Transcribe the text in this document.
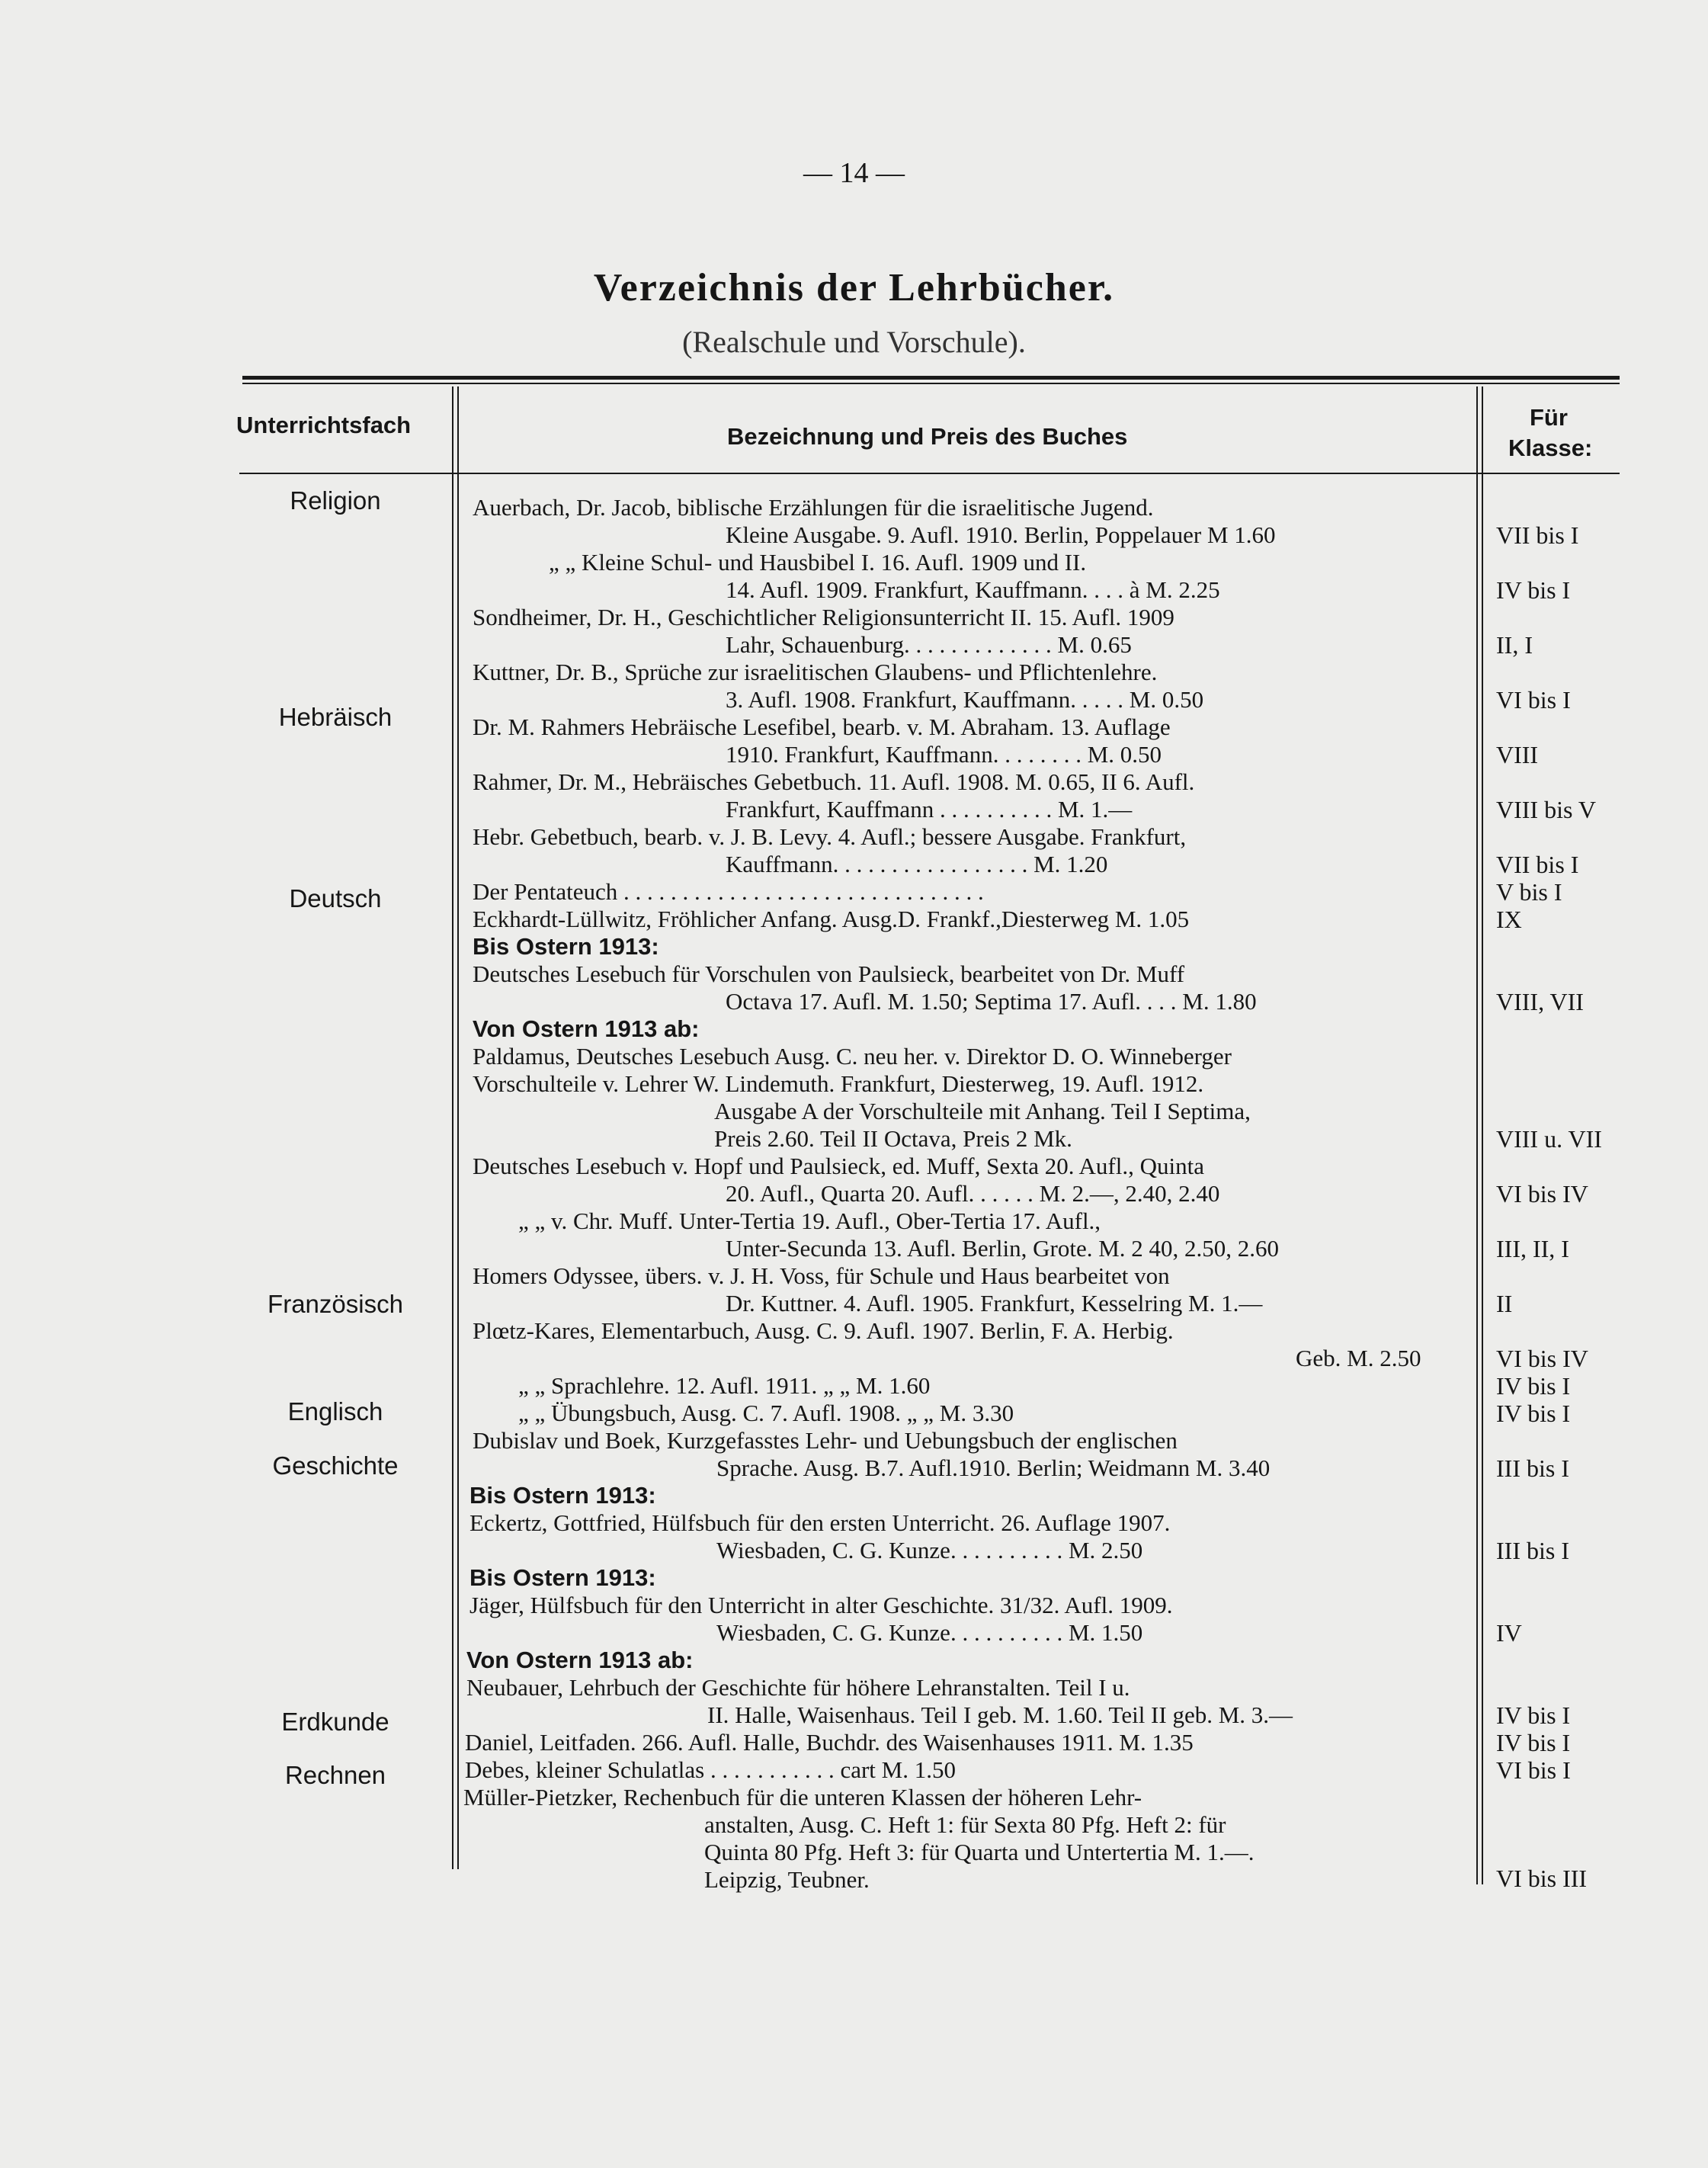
— 14 —
Verzeichnis der Lehrbücher.
(Realschule und Vorschule).
Unterrichtsfach	Bezeichnung und Preis des Buches
Für
Klasse:
Religion
Hebräisch
Deutsch
Französisch
Englisch
Geschichte
Erdkunde
Rechnen
Auerbach, Dr. Jacob, biblische Erzählungen für die israelitische Jugend.
Kleine Ausgabe. 9. Aufl. 1910. Berlin, Poppelauer M 1.60
„ „ Kleine Schul- und Hausbibel I. 16. Aufl. 1909 und II.
14. Aufl. 1909. Frankfurt, Kauffmann. . . . à M. 2.25
Sondheimer, Dr. H., Geschichtlicher Religionsunterricht II. 15. Aufl. 1909
Lahr, Schauenburg. . . . . . . . . . . . . M. 0.65
Kuttner, Dr. B., Sprüche zur israelitischen Glaubens- und Pflichtenlehre.
3. Aufl. 1908. Frankfurt, Kauffmann. . . . . M. 0.50
Dr. M. Rahmers Hebräische Lesefibel, bearb. v. M. Abraham. 13. Auflage
1910. Frankfurt, Kauffmann. . . . . . . . M. 0.50
Rahmer, Dr. M., Hebräisches Gebetbuch. 11. Aufl. 1908. M. 0.65, II 6. Aufl.
Frankfurt, Kauffmann . . . . . . . . . . M. 1.—
Hebr. Gebetbuch, bearb. v. J. B. Levy. 4. Aufl.; bessere Ausgabe. Frankfurt,
Kauffmann. . . . . . . . . . . . . . . . . M. 1.20
Der Pentateuch . . . . . . . . . . . . . . . . . . . . . . . . . . . . . . .
Eckhardt-Lüllwitz, Fröhlicher Anfang. Ausg.D. Frankf.,Diesterweg M. 1.05
Bis Ostern 1913:
Deutsches Lesebuch für Vorschulen von Paulsieck, bearbeitet von Dr. Muff
Octava 17. Aufl. M. 1.50; Septima 17. Aufl. . . . M. 1.80
Von Ostern 1913 ab:
Paldamus, Deutsches Lesebuch Ausg. C. neu her. v. Direktor D. O. Winneberger
Vorschulteile v. Lehrer W. Lindemuth. Frankfurt, Diesterweg, 19. Aufl. 1912.
Ausgabe A der Vorschulteile mit Anhang. Teil I Septima,
Preis 2.60. Teil II Octava, Preis 2 Mk.
Deutsches Lesebuch v. Hopf und Paulsieck, ed. Muff, Sexta 20. Aufl., Quinta
20. Aufl., Quarta 20. Aufl. . . . . . M. 2.—, 2.40, 2.40
„ „ v. Chr. Muff. Unter-Tertia 19. Aufl., Ober-Tertia 17. Aufl.,
Unter-Secunda 13. Aufl. Berlin, Grote. M. 2 40, 2.50, 2.60
Homers Odyssee, übers. v. J. H. Voss, für Schule und Haus bearbeitet von
Dr. Kuttner. 4. Aufl. 1905. Frankfurt, Kesselring M. 1.—
Plœtz-Kares, Elementarbuch, Ausg. C. 9. Aufl. 1907. Berlin, F. A. Herbig.
Geb. M. 2.50
„ „ Sprachlehre. 12. Aufl. 1911. „ „ M. 1.60
„ „ Übungsbuch, Ausg. C. 7. Aufl. 1908. „ „ M. 3.30
Dubislav und Boek, Kurzgefasstes Lehr- und Uebungsbuch der englischen
Sprache. Ausg. B.7. Aufl.1910. Berlin; Weidmann M. 3.40
Bis Ostern 1913:
Eckertz, Gottfried, Hülfsbuch für den ersten Unterricht. 26. Auflage 1907.
Wiesbaden, C. G. Kunze. . . . . . . . . . M. 2.50
Bis Ostern 1913:
Jäger, Hülfsbuch für den Unterricht in alter Geschichte. 31/32. Aufl. 1909.
Wiesbaden, C. G. Kunze. . . . . . . . . . M. 1.50
Von Ostern 1913 ab:
Neubauer, Lehrbuch der Geschichte für höhere Lehranstalten. Teil I u.
II. Halle, Waisenhaus. Teil I geb. M. 1.60. Teil II geb. M. 3.—
Daniel, Leitfaden. 266. Aufl. Halle, Buchdr. des Waisenhauses 1911. M. 1.35
Debes, kleiner Schulatlas . . . . . . . . . . . cart M. 1.50
Müller-Pietzker, Rechenbuch für die unteren Klassen der höheren Lehr-
anstalten, Ausg. C. Heft 1: für Sexta 80 Pfg. Heft 2: für
Quinta 80 Pfg. Heft 3: für Quarta und Untertertia M. 1.—.
Leipzig, Teubner.
VII bis I
IV bis I
II, I
VI bis I
VIII
VIII bis V
VII bis I
V bis I
IX
VIII, VII
VIII u. VII
VI bis IV
III, II, I
II
VI bis IV
IV bis I
IV bis I
III bis I
III bis I
IV
IV bis I
IV bis I
VI bis I
VI bis III
